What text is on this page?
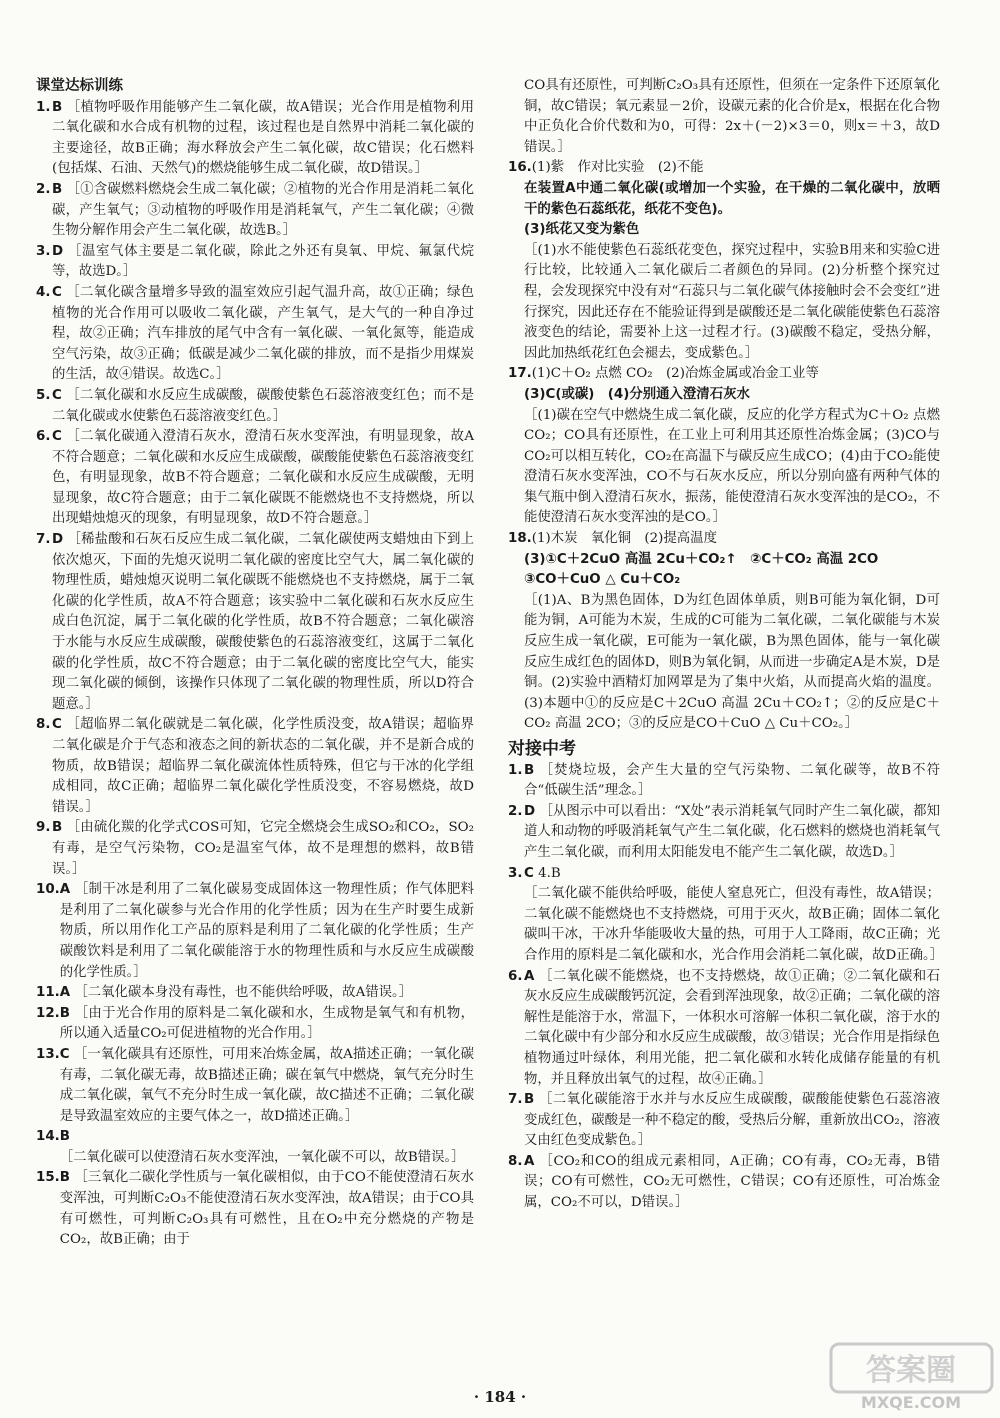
课堂达标训练
1. B ［植物呼吸作用能够产生二氧化碳，故A错误；光合作用是植物利用二氧化碳和水合成有机物的过程，该过程也是自然界中消耗二氧化碳的主要途径，故B正确；海水释放会产生二氧化碳，故C错误；化石燃料(包括煤、石油、天然气)的燃烧能够生成二氧化碳，故D错误。］
2. B ［①含碳燃料燃烧会生成二氧化碳；②植物的光合作用是消耗二氧化碳，产生氧气；③动植物的呼吸作用是消耗氧气，产生二氧化碳；④微生物分解作用会产生二氧化碳，故选B。］
3. D ［温室气体主要是二氧化碳，除此之外还有臭氧、甲烷、氟氯代烷等，故选D。］
4. C ［二氧化碳含量增多导致的温室效应引起气温升高，故①正确；绿色植物的光合作用可以吸收二氧化碳，产生氧气，是大气的一种自净过程，故②正确；汽车排放的尾气中含有一氧化碳、一氧化氮等，能造成空气污染，故③正确；低碳是减少二氧化碳的排放，而不是指少用煤炭的生活，故④错误。故选C。］
5. C ［二氧化碳和水反应生成碳酸，碳酸使紫色石蕊溶液变红色；而不是二氧化碳或水使紫色石蕊溶液变红色。］
6. C ［二氧化碳通入澄清石灰水，澄清石灰水变浑浊，有明显现象，故A不符合题意；二氧化碳和水反应生成碳酸，碳酸能使紫色石蕊溶液变红色，有明显现象，故B不符合题意；二氧化碳和水反应生成碳酸，无明显现象，故C符合题意；由于二氧化碳既不能燃烧也不支持燃烧，所以出现蜡烛熄灭的现象，有明显现象，故D不符合题意。］
7. D ［稀盐酸和石灰石反应生成二氧化碳，二氧化碳使两支蜡烛由下到上依次熄灭，下面的先熄灭说明二氧化碳的密度比空气大，属二氧化碳的物理性质，蜡烛熄灭说明二氧化碳既不能燃烧也不支持燃烧，属于二氧化碳的化学性质，故A不符合题意；该实验中二氧化碳和石灰水反应生成白色沉淀，属于二氧化碳的化学性质，故B不符合题意；二氧化碳溶于水能与水反应生成碳酸，碳酸使紫色的石蕊溶液变红，这属于二氧化碳的化学性质，故C不符合题意；由于二氧化碳的密度比空气大，能实现二氧化碳的倾倒，该操作只体现了二氧化碳的物理性质，所以D符合题意。］
8. C ［超临界二氧化碳就是二氧化碳，化学性质没变，故A错误；超临界二氧化碳是介于气态和液态之间的新状态的二氧化碳，并不是新合成的物质，故B错误；超临界二氧化碳流体性质特殊，但它与干冰的化学组成相同，故C正确；超临界二氧化碳化学性质没变，不容易燃烧，故D错误。］
9. B ［由硫化羰的化学式COS可知，它完全燃烧会生成SO₂和CO₂，SO₂有毒，是空气污染物，CO₂是温室气体，故不是理想的燃料，故B错误。］
10. A ［制干冰是利用了二氧化碳易变成固体这一物理性质；作气体肥料是利用了二氧化碳参与光合作用的化学性质；因为在生产时要生成新物质，所以用作化工产品的原料是利用了二氧化碳的化学性质；生产碳酸饮料是利用了二氧化碳能溶于水的物理性质和与水反应生成碳酸的化学性质。］
11. A ［二氧化碳本身没有毒性，也不能供给呼吸，故A错误。］
12. B ［由于光合作用的原料是二氧化碳和水，生成物是氧气和有机物，所以通入适量CO₂可促进植物的光合作用。］
13. C ［一氧化碳具有还原性，可用来冶炼金属，故A描述正确；一氧化碳有毒，二氧化碳无毒，故B描述正确；碳在氧气中燃烧，氧气充分时生成二氧化碳，氧气不充分时生成一氧化碳，故C描述不正确；二氧化碳是导致温室效应的主要气体之一，故D描述正确。］
14. B ［二氧化碳可以使澄清石灰水变浑浊，一氧化碳不可以，故B错误。］
15. B ［三氧化二碳化学性质与一氧化碳相似，由于CO不能使澄清石灰水变浑浊，可判断C₂O₃不能使澄清石灰水变浑浊，故A错误；由于CO具有可燃性，可判断C₂O₃具有可燃性，且在O₂中充分燃烧的产物是CO₂，故B正确；由于
CO具有还原性，可判断C₂O₃具有还原性，但须在一定条件下还原氧化铜，故C错误；氧元素显－2价，设碳元素的化合价是x，根据在化合物中正负化合价代数和为0，可得：2x＋(－2)×3＝0，则x＝＋3，故D错误。］
16. (1)紫　作对比实验　(2)不能
在装置A中通二氧化碳(或增加一个实验，在干燥的二氧化碳中，放晒干的紫色石蕊纸花，纸花不变色)。
(3)纸花又变为紫色
［(1)水不能使紫色石蕊纸花变色，探究过程中，实验B用来和实验C进行比较，比较通入二氧化碳后二者颜色的异同。(2)分析整个探究过程，会发现探究中没有对“石蕊只与二氧化碳气体接触时会不会变红”进行探究，因此还存在不能验证得到是碳酸还是二氧化碳能使紫色石蕊溶液变色的结论，需要补上这一过程才行。(3)碳酸不稳定，受热分解，因此加热纸花红色会褪去，变成紫色。］
17. (1)C＋O₂ 点燃 CO₂　(2)冶炼金属或冶金工业等
(3)C(或碳)　(4)分别通入澄清石灰水
［(1)碳在空气中燃烧生成二氧化碳，反应的化学方程式为C＋O₂ 点燃 CO₂；CO具有还原性，在工业上可利用其还原性冶炼金属；(3)CO与CO₂可以相互转化，CO₂在高温下与碳反应生成CO；(4)由于CO₂能使澄清石灰水变浑浊，CO不与石灰水反应，所以分别向盛有两种气体的集气瓶中倒入澄清石灰水，振荡，能使澄清石灰水变浑浊的是CO₂，不能使澄清石灰水变浑浊的是CO。］
18. (1)木炭　氧化铜　(2)提高温度
(3)①C＋2CuO 高温 2Cu＋CO₂↑　②C＋CO₂ 高温 2CO
③CO＋CuO △ Cu＋CO₂
［(1)A、B为黑色固体，D为红色固体单质，则B可能为氧化铜，D可能为铜，A可能为木炭，生成的C可能为二氧化碳，二氧化碳能与木炭反应生成一氧化碳，E可能为一氧化碳，B为黑色固体，能与一氧化碳反应生成红色的固体D，则B为氧化铜，从而进一步确定A是木炭，D是铜。(2)实验中酒精灯加网罩是为了集中火焰，从而提高火焰的温度。(3)本题中①的反应是C＋2CuO 高温 2Cu＋CO₂↑；②的反应是C＋CO₂ 高温 2CO；③的反应是CO＋CuO △ Cu＋CO₂。］
对接中考
1. B ［焚烧垃圾，会产生大量的空气污染物、二氧化碳等，故B不符合“低碳生活”理念。］
2. D ［从图示中可以看出：“X处”表示消耗氧气同时产生二氧化碳，都知道人和动物的呼吸消耗氧气产生二氧化碳，化石燃料的燃烧也消耗氧气产生二氧化碳，而利用太阳能发电不能产生二氧化碳，故选D。］
3. C 4.B
［二氧化碳不能供给呼吸，能使人窒息死亡，但没有毒性，故A错误；二氧化碳不能燃烧也不支持燃烧，可用于灭火，故B正确；固体二氧化碳叫干冰，干冰升华能吸收大量的热，可用于人工降雨，故C正确；光合作用的原料是二氧化碳和水，光合作用会消耗二氧化碳，故D正确。］
6. A ［二氧化碳不能燃烧，也不支持燃烧，故①正确；②二氧化碳和石灰水反应生成碳酸钙沉淀，会看到浑浊现象，故②正确；二氧化碳的溶解性是能溶于水，常温下，一体积水可溶解一体积二氧化碳，溶于水的二氧化碳中有少部分和水反应生成碳酸，故③错误；光合作用是指绿色植物通过叶绿体，利用光能，把二氧化碳和水转化成储存能量的有机物，并且释放出氧气的过程，故④正确。］
7. B ［二氧化碳能溶于水并与水反应生成碳酸，碳酸能使紫色石蕊溶液变成红色，碳酸是一种不稳定的酸，受热后分解，重新放出CO₂，溶液又由红色变成紫色。］
8. A ［CO₂和CO的组成元素相同，A正确；CO有毒，CO₂无毒，B错误；CO有可燃性，CO₂无可燃性，C错误；CO有还原性，可冶炼金属，CO₂不可以，D错误。］
· 184 ·
答案圈
MXQE.COM
